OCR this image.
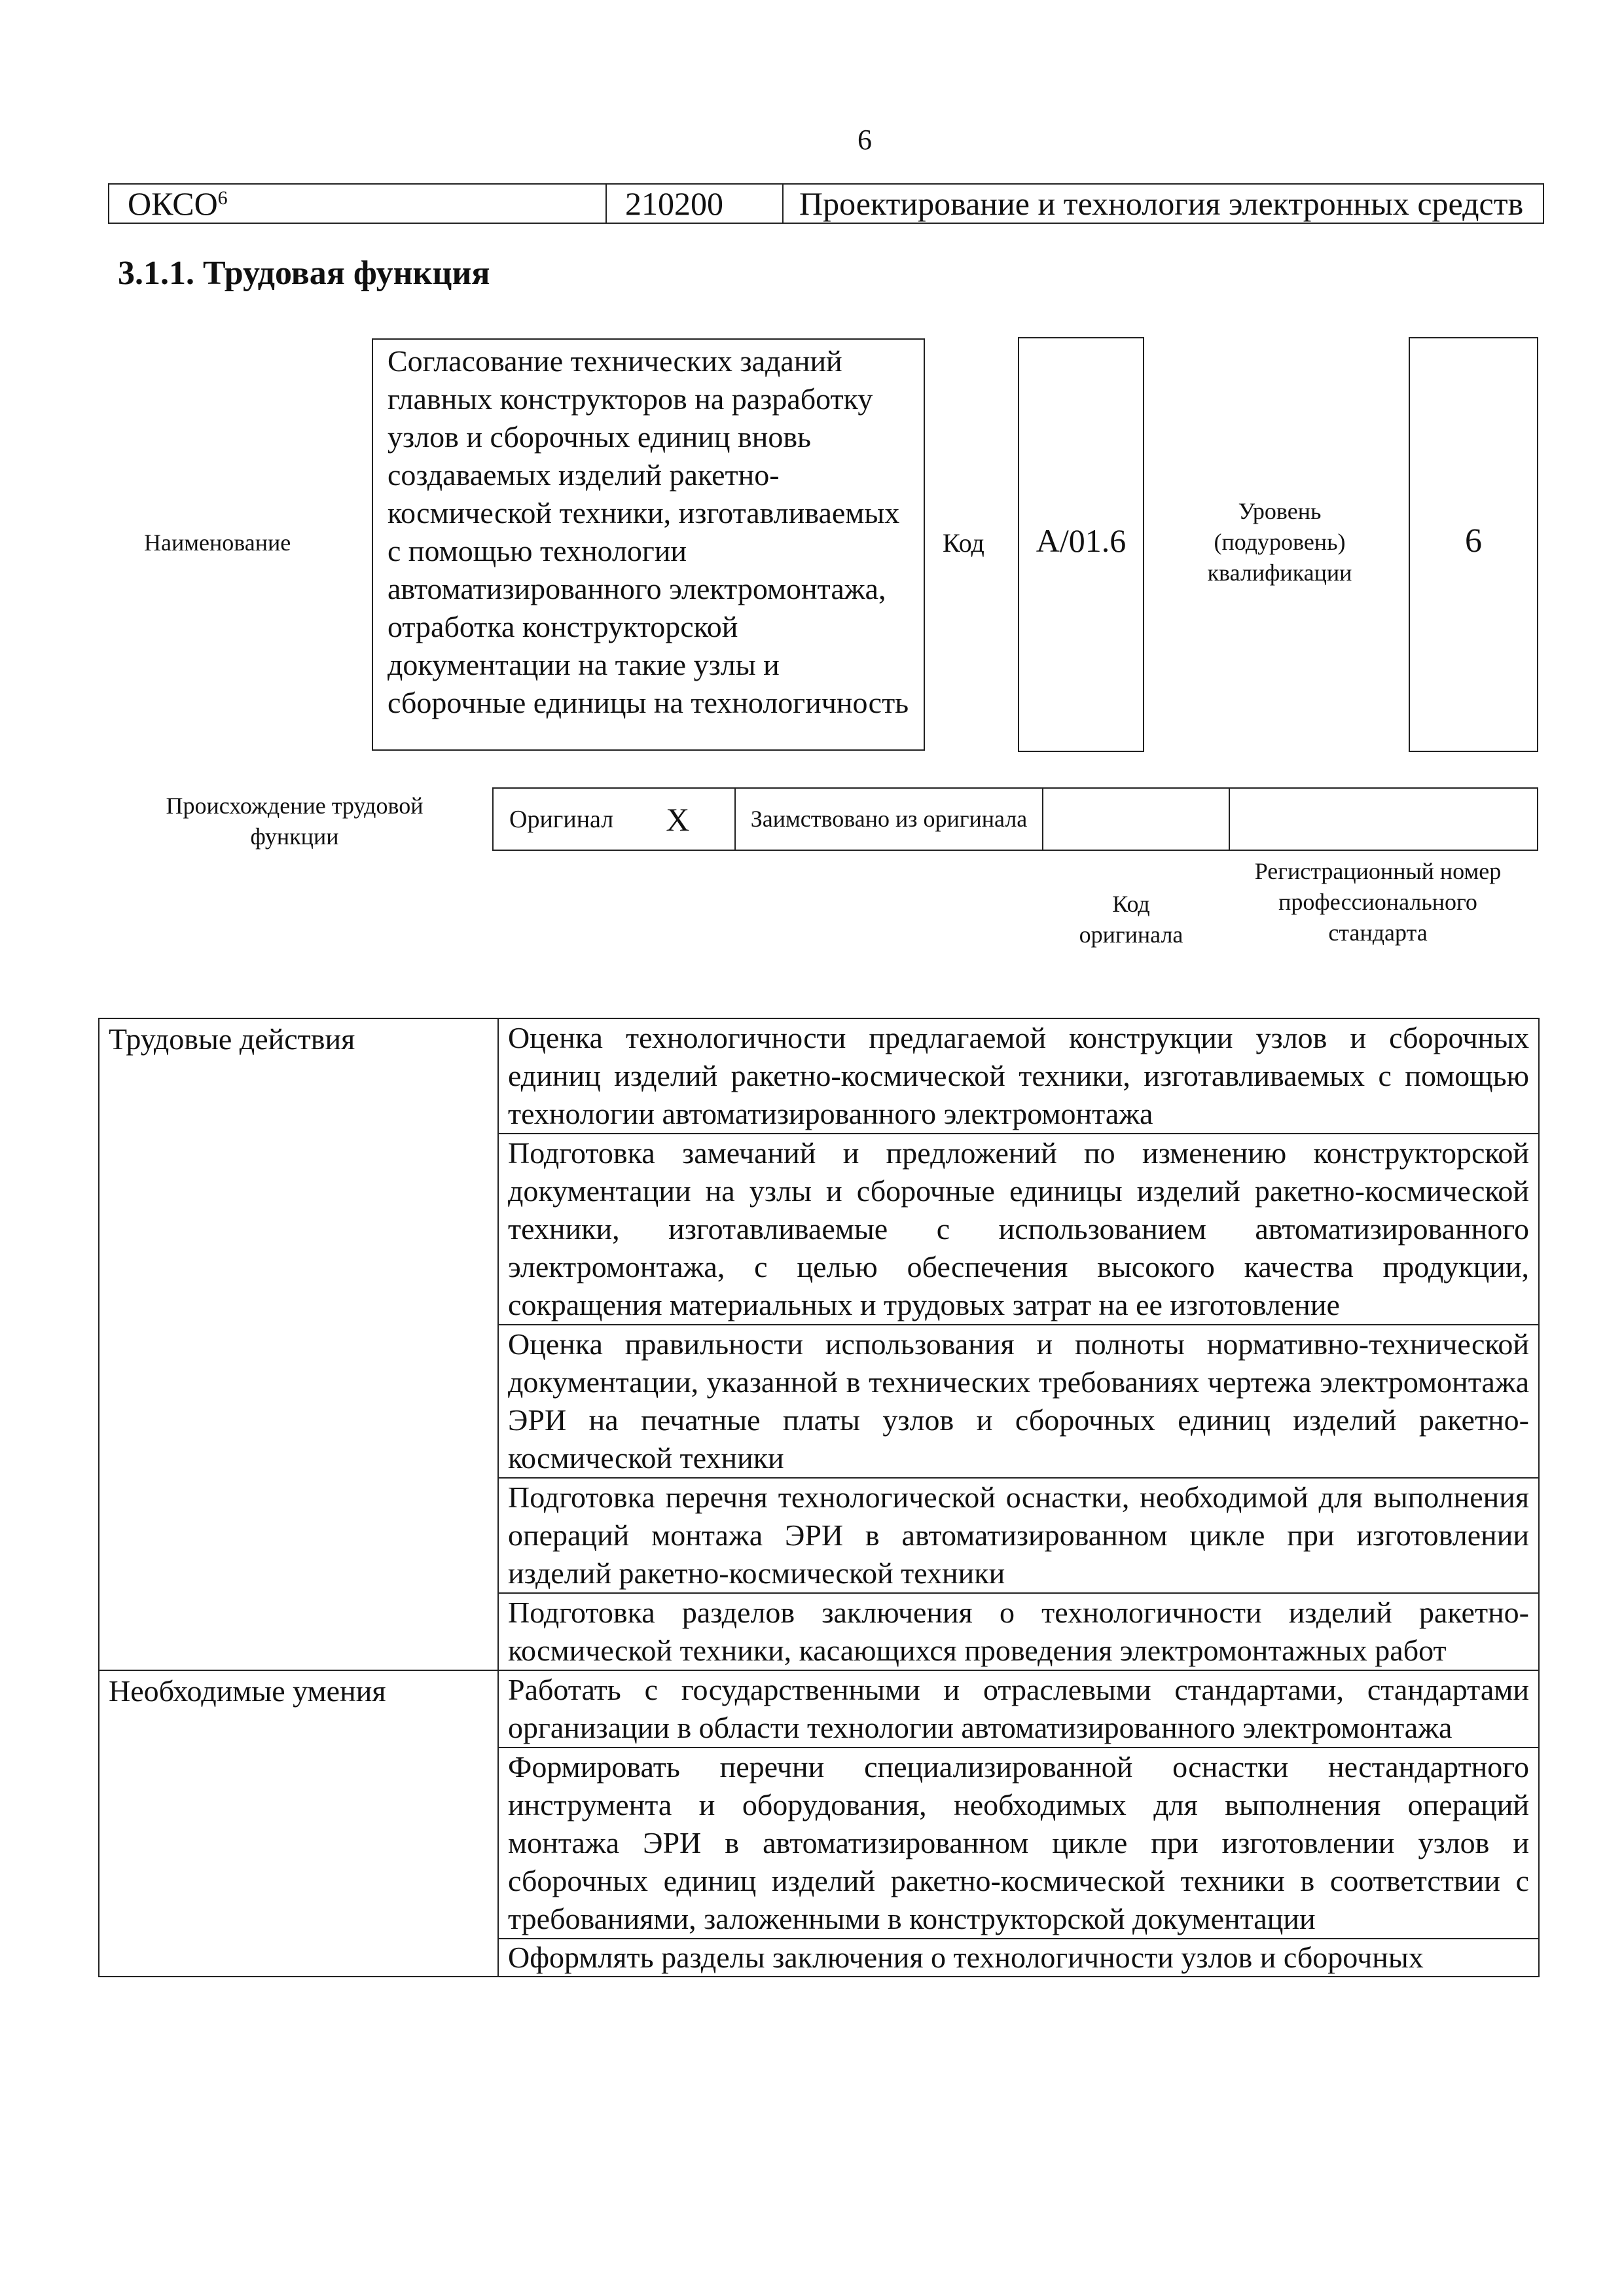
6
ОКСО$^6$	210200	Проектирование и технология электронных средств
3.1.1. Трудовая функция
Наименование
Согласование технических заданий главных конструкторов на разработку узлов и сборочных единиц вновь создаваемых изделий ракетно-космической техники, изготавливаемых с помощью технологии автоматизированного электромонтажа, отработка конструкторской документации на такие узлы и сборочные единицы на технологичность
Код	A/01.6
Уровень (подуровень) квалификации
6
Происхождение трудовой функции
Оригинал X	Заимствовано из оригинала
Код оригинала
Регистрационный номер профессионального стандарта
Трудовые действия	Оценка технологичности предлагаемой конструкции узлов и сборочных единиц изделий ракетно-космической техники, изготавливаемых с помощью технологии автоматизированного электромонтажа
	Подготовка замечаний и предложений по изменению конструкторской документации на узлы и сборочные единицы изделий ракетно-космической техники, изготавливаемые с использованием автоматизированного электромонтажа, с целью обеспечения высокого качества продукции, сокращения материальных и трудовых затрат на ее изготовление
	Оценка правильности использования и полноты нормативно-технической документации, указанной в технических требованиях чертежа электромонтажа ЭРИ на печатные платы узлов и сборочных единиц изделий ракетно-космической техники
	Подготовка перечня технологической оснастки, необходимой для выполнения операций монтажа ЭРИ в автоматизированном цикле при изготовлении изделий ракетно-космической техники
	Подготовка разделов заключения о технологичности изделий ракетно-космической техники, касающихся проведения электромонтажных работ
Необходимые умения	Работать с государственными и отраслевыми стандартами, стандартами организации в области технологии автоматизированного электромонтажа
	Формировать перечни специализированной оснастки нестандартного инструмента и оборудования, необходимых для выполнения операций монтажа ЭРИ в автоматизированном цикле при изготовлении узлов и сборочных единиц изделий ракетно-космической техники в соответствии с требованиями, заложенными в конструкторской документации
	Оформлять разделы заключения о технологичности узлов и сборочных
